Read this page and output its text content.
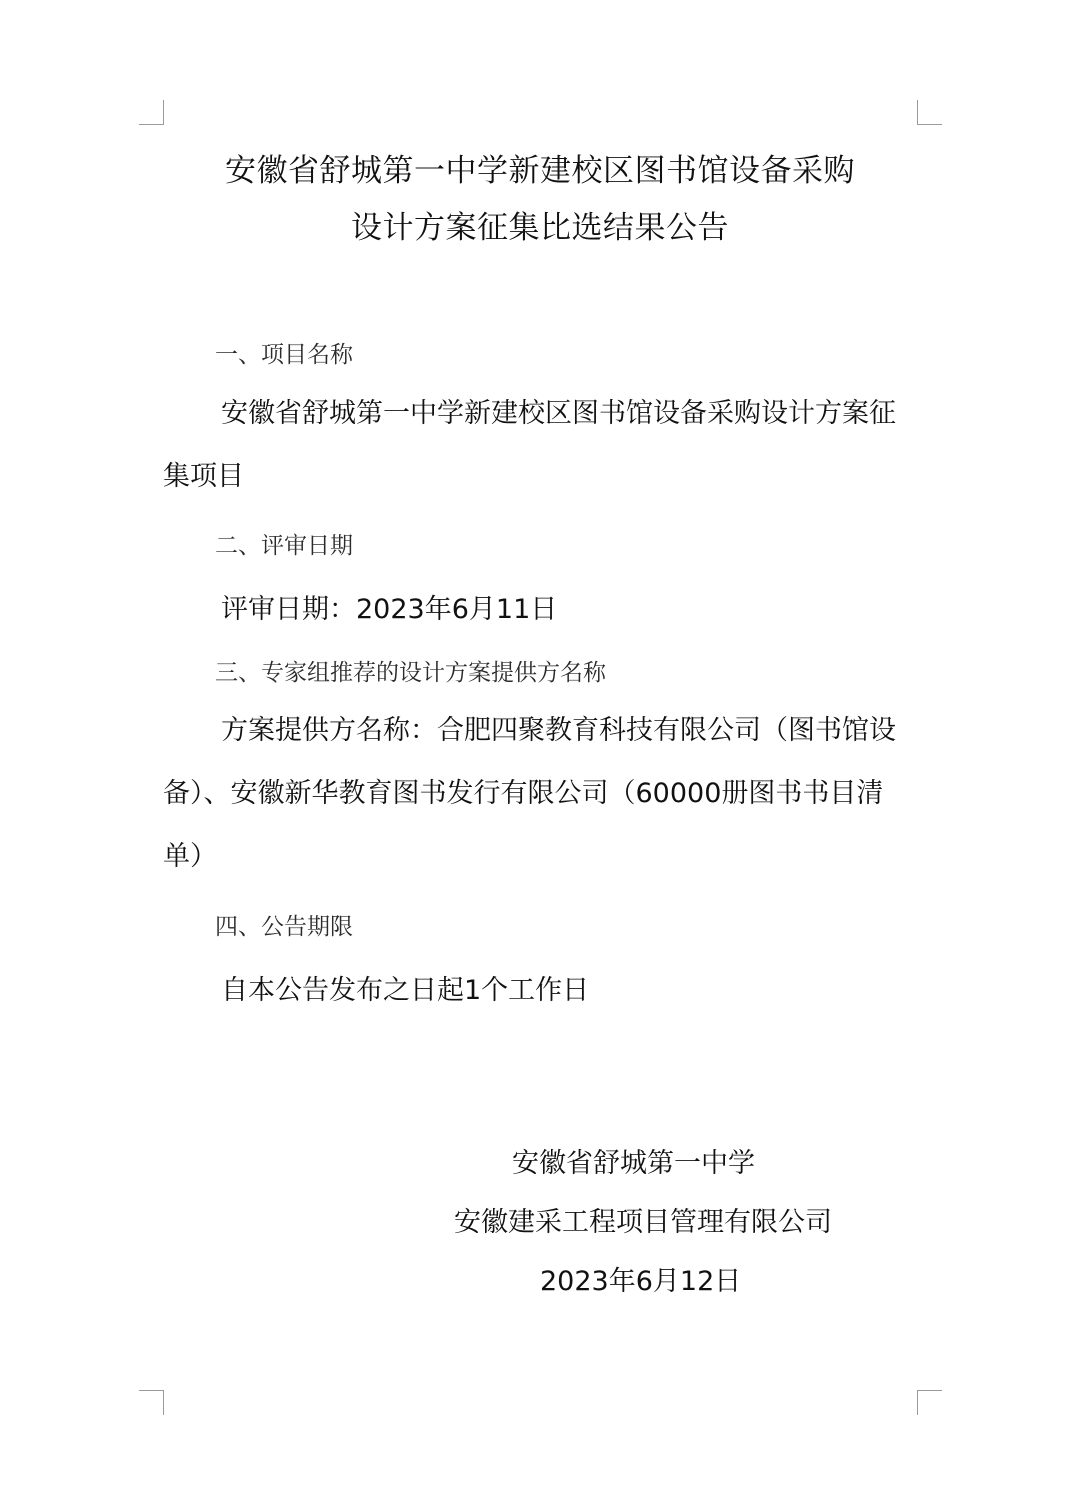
安徽省舒城第一中学新建校区图书馆设备采购
设计方案征集比选结果公告
一、项目名称
安徽省舒城第一中学新建校区图书馆设备采购设计方案征集项目
二、评审日期
评审日期：2023年6月11日
三、专家组推荐的设计方案提供方名称
方案提供方名称：合肥四聚教育科技有限公司（图书馆设备）、安徽新华教育图书发行有限公司（60000册图书书目清单）
四、公告期限
自本公告发布之日起1个工作日
安徽省舒城第一中学
安徽建采工程项目管理有限公司
2023年6月12日
